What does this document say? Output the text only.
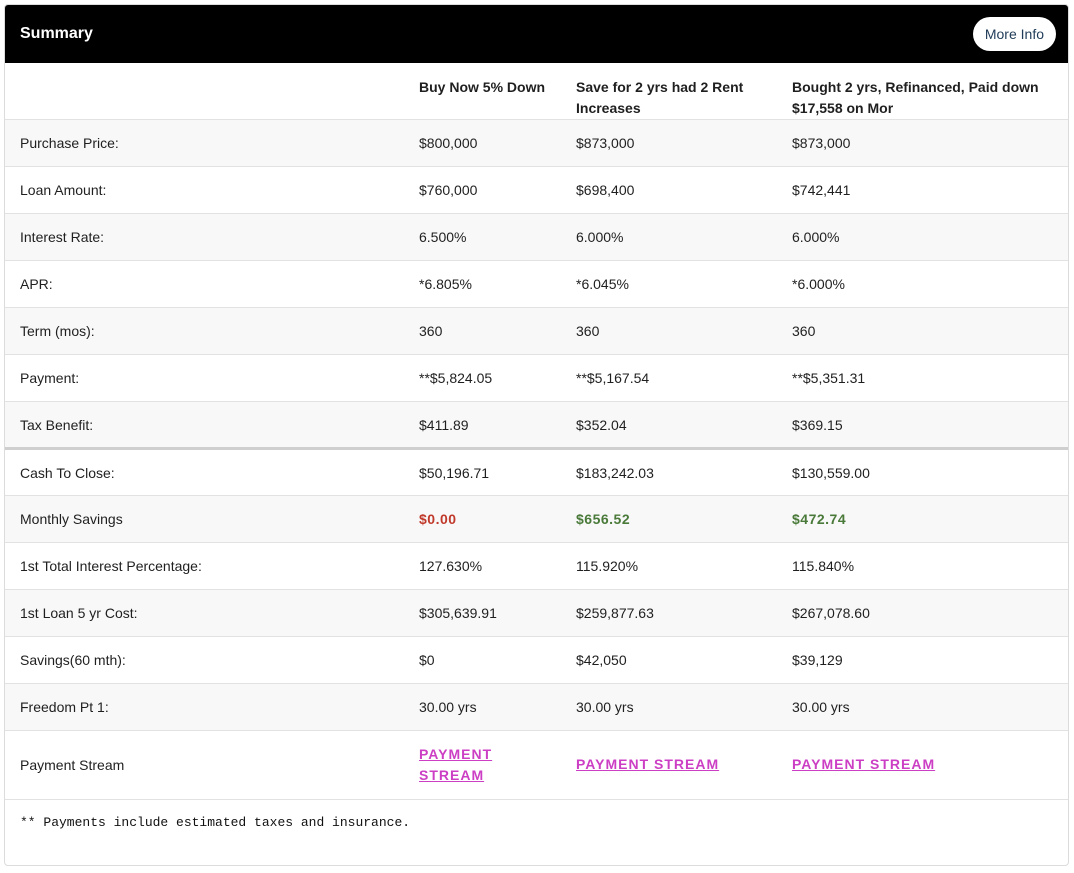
Summary	More Info
	Buy Now 5% Down	Save for 2 yrs had 2 Rent Increases	Bought 2 yrs, Refinanced, Paid down $17,558 on Mor
Purchase Price:	$800,000	$873,000	$873,000
Loan Amount:	$760,000	$698,400	$742,441
Interest Rate:	6.500%	6.000%	6.000%
APR:	*6.805%	*6.045%	*6.000%
Term (mos):	360	360	360
Payment:	**$5,824.05	**$5,167.54	**$5,351.31
Tax Benefit:	$411.89	$352.04	$369.15
Cash To Close:	$50,196.71	$183,242.03	$130,559.00
Monthly Savings	$0.00	$656.52	$472.74
1st Total Interest Percentage:	127.630%	115.920%	115.840%
1st Loan 5 yr Cost:	$305,639.91	$259,877.63	$267,078.60
Savings(60 mth):	$0	$42,050	$39,129
Freedom Pt 1:	30.00 yrs	30.00 yrs	30.00 yrs
Payment Stream	PAYMENT STREAM	PAYMENT STREAM	PAYMENT STREAM
** Payments include estimated taxes and insurance.
